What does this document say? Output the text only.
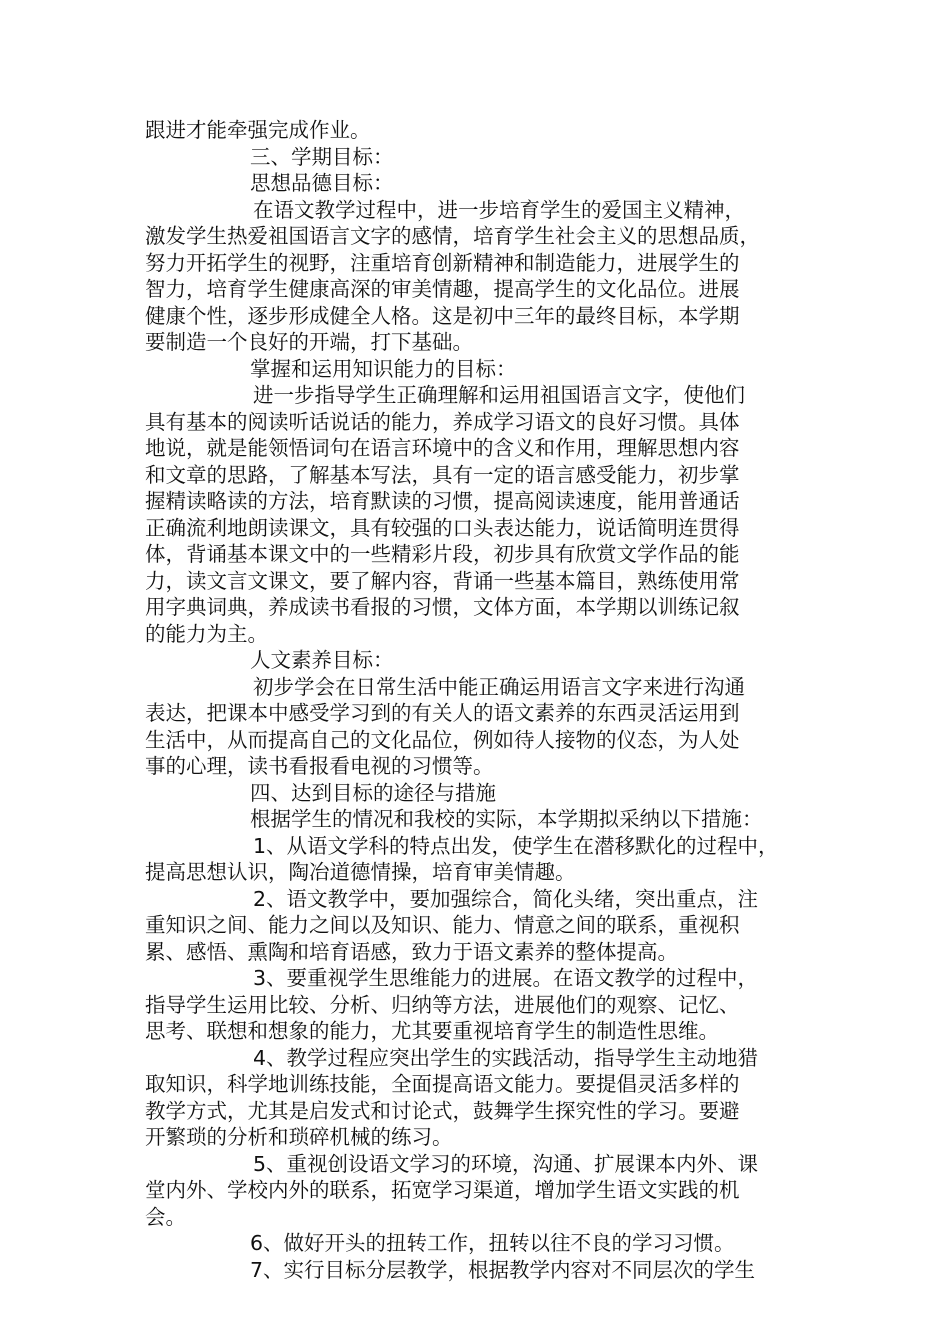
跟进才能牵强完成作业。
三、学期目标：
思想品德目标：
在语文教学过程中，进一步培育学生的爱国主义精神，
激发学生热爱祖国语言文字的感情，培育学生社会主义的思想品质，
努力开拓学生的视野，注重培育创新精神和制造能力，进展学生的
智力，培育学生健康高深的审美情趣，提高学生的文化品位。进展
健康个性，逐步形成健全人格。这是初中三年的最终目标，本学期
要制造一个良好的开端，打下基础。
掌握和运用知识能力的目标：
进一步指导学生正确理解和运用祖国语言文字，使他们
具有基本的阅读听话说话的能力，养成学习语文的良好习惯。具体
地说，就是能领悟词句在语言环境中的含义和作用，理解思想内容
和文章的思路，了解基本写法，具有一定的语言感受能力，初步掌
握精读略读的方法，培育默读的习惯，提高阅读速度，能用普通话
正确流利地朗读课文，具有较强的口头表达能力，说话简明连贯得
体，背诵基本课文中的一些精彩片段，初步具有欣赏文学作品的能
力，读文言文课文，要了解内容，背诵一些基本篇目，熟练使用常
用字典词典，养成读书看报的习惯，文体方面，本学期以训练记叙
的能力为主。
人文素养目标：
初步学会在日常生活中能正确运用语言文字来进行沟通
表达，把课本中感受学习到的有关人的语文素养的东西灵活运用到
生活中，从而提高自己的文化品位，例如待人接物的仪态，为人处
事的心理，读书看报看电视的习惯等。
四、达到目标的途径与措施
根据学生的情况和我校的实际，本学期拟采纳以下措施：
1、从语文学科的特点出发，使学生在潜移默化的过程中，
提高思想认识，陶冶道德情操，培育审美情趣。
2、语文教学中，要加强综合，简化头绪，突出重点，注
重知识之间、能力之间以及知识、能力、情意之间的联系，重视积
累、感悟、熏陶和培育语感，致力于语文素养的整体提高。
3、要重视学生思维能力的进展。在语文教学的过程中，
指导学生运用比较、分析、归纳等方法，进展他们的观察、记忆、
思考、联想和想象的能力，尤其要重视培育学生的制造性思维。
4、教学过程应突出学生的实践活动，指导学生主动地猎
取知识，科学地训练技能，全面提高语文能力。要提倡灵活多样的
教学方式，尤其是启发式和讨论式，鼓舞学生探究性的学习。要避
开繁琐的分析和琐碎机械的练习。
5、重视创设语文学习的环境，沟通、扩展课本内外、课
堂内外、学校内外的联系，拓宽学习渠道，增加学生语文实践的机
会。
6、做好开头的扭转工作，扭转以往不良的学习习惯。
7、实行目标分层教学，根据教学内容对不同层次的学生
